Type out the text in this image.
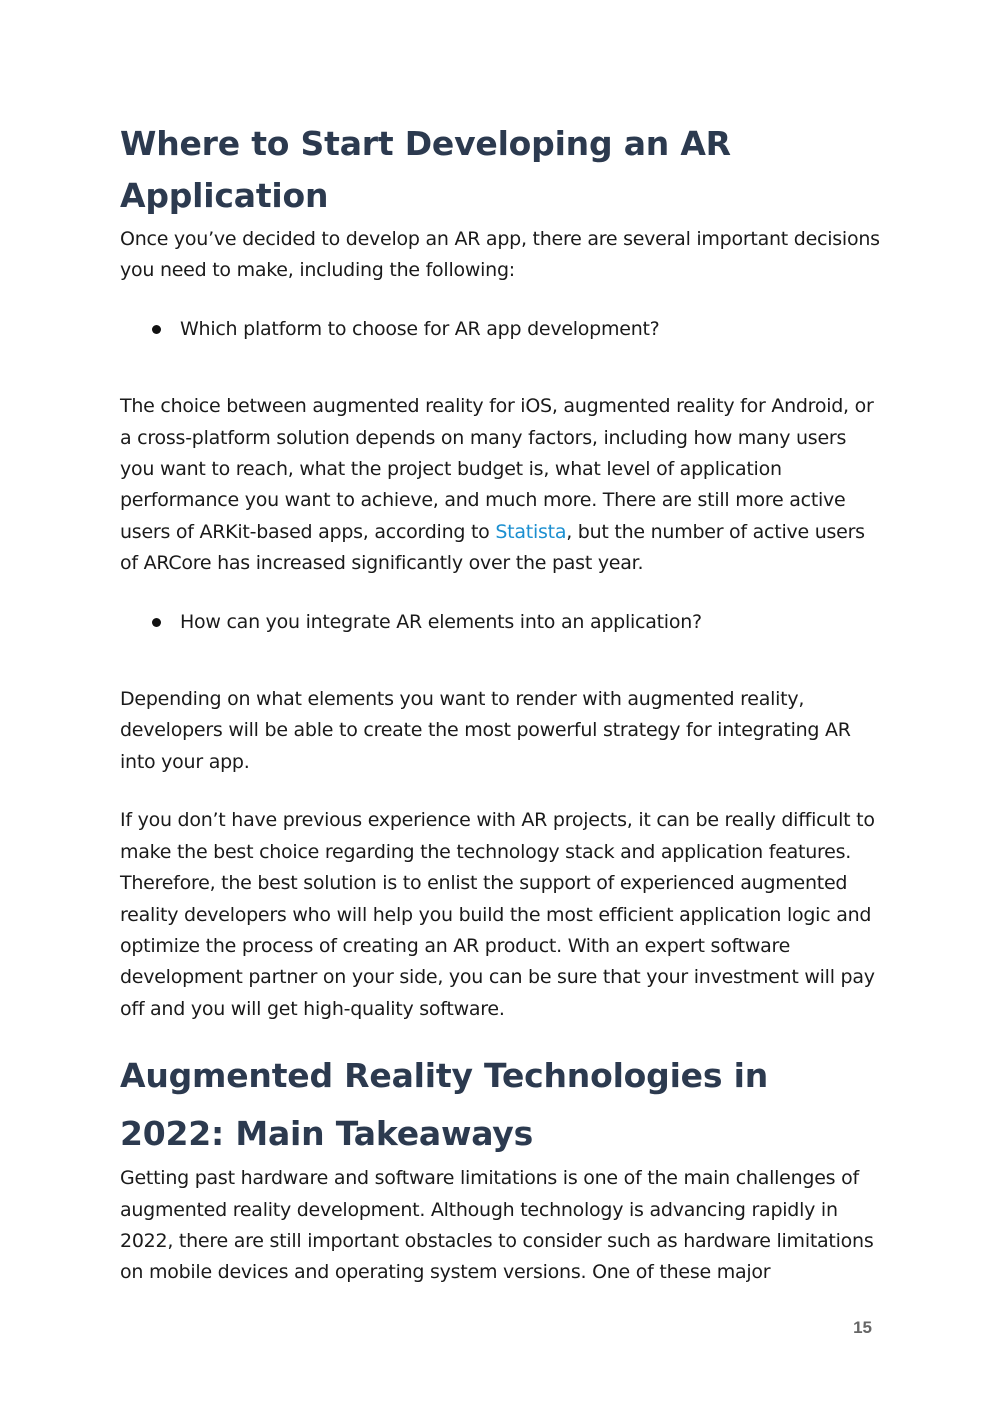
Where to Start Developing an AR Application

Once you’ve decided to develop an AR app, there are several important decisions you need to make, including the following:

Which platform to choose for AR app development?

The choice between augmented reality for iOS, augmented reality for Android, or a cross-platform solution depends on many factors, including how many users you want to reach, what the project budget is, what level of application performance you want to achieve, and much more. There are still more active users of ARKit-based apps, according to Statista, but the number of active users of ARCore has increased significantly over the past year.

How can you integrate AR elements into an application?

Depending on what elements you want to render with augmented reality, developers will be able to create the most powerful strategy for integrating AR into your app.

If you don’t have previous experience with AR projects, it can be really difficult to make the best choice regarding the technology stack and application features. Therefore, the best solution is to enlist the support of experienced augmented reality developers who will help you build the most efficient application logic and optimize the process of creating an AR product. With an expert software development partner on your side, you can be sure that your investment will pay off and you will get high-quality software.

Augmented Reality Technologies in 2022: Main Takeaways

Getting past hardware and software limitations is one of the main challenges of augmented reality development. Although technology is advancing rapidly in 2022, there are still important obstacles to consider such as hardware limitations on mobile devices and operating system versions. One of these major

15
